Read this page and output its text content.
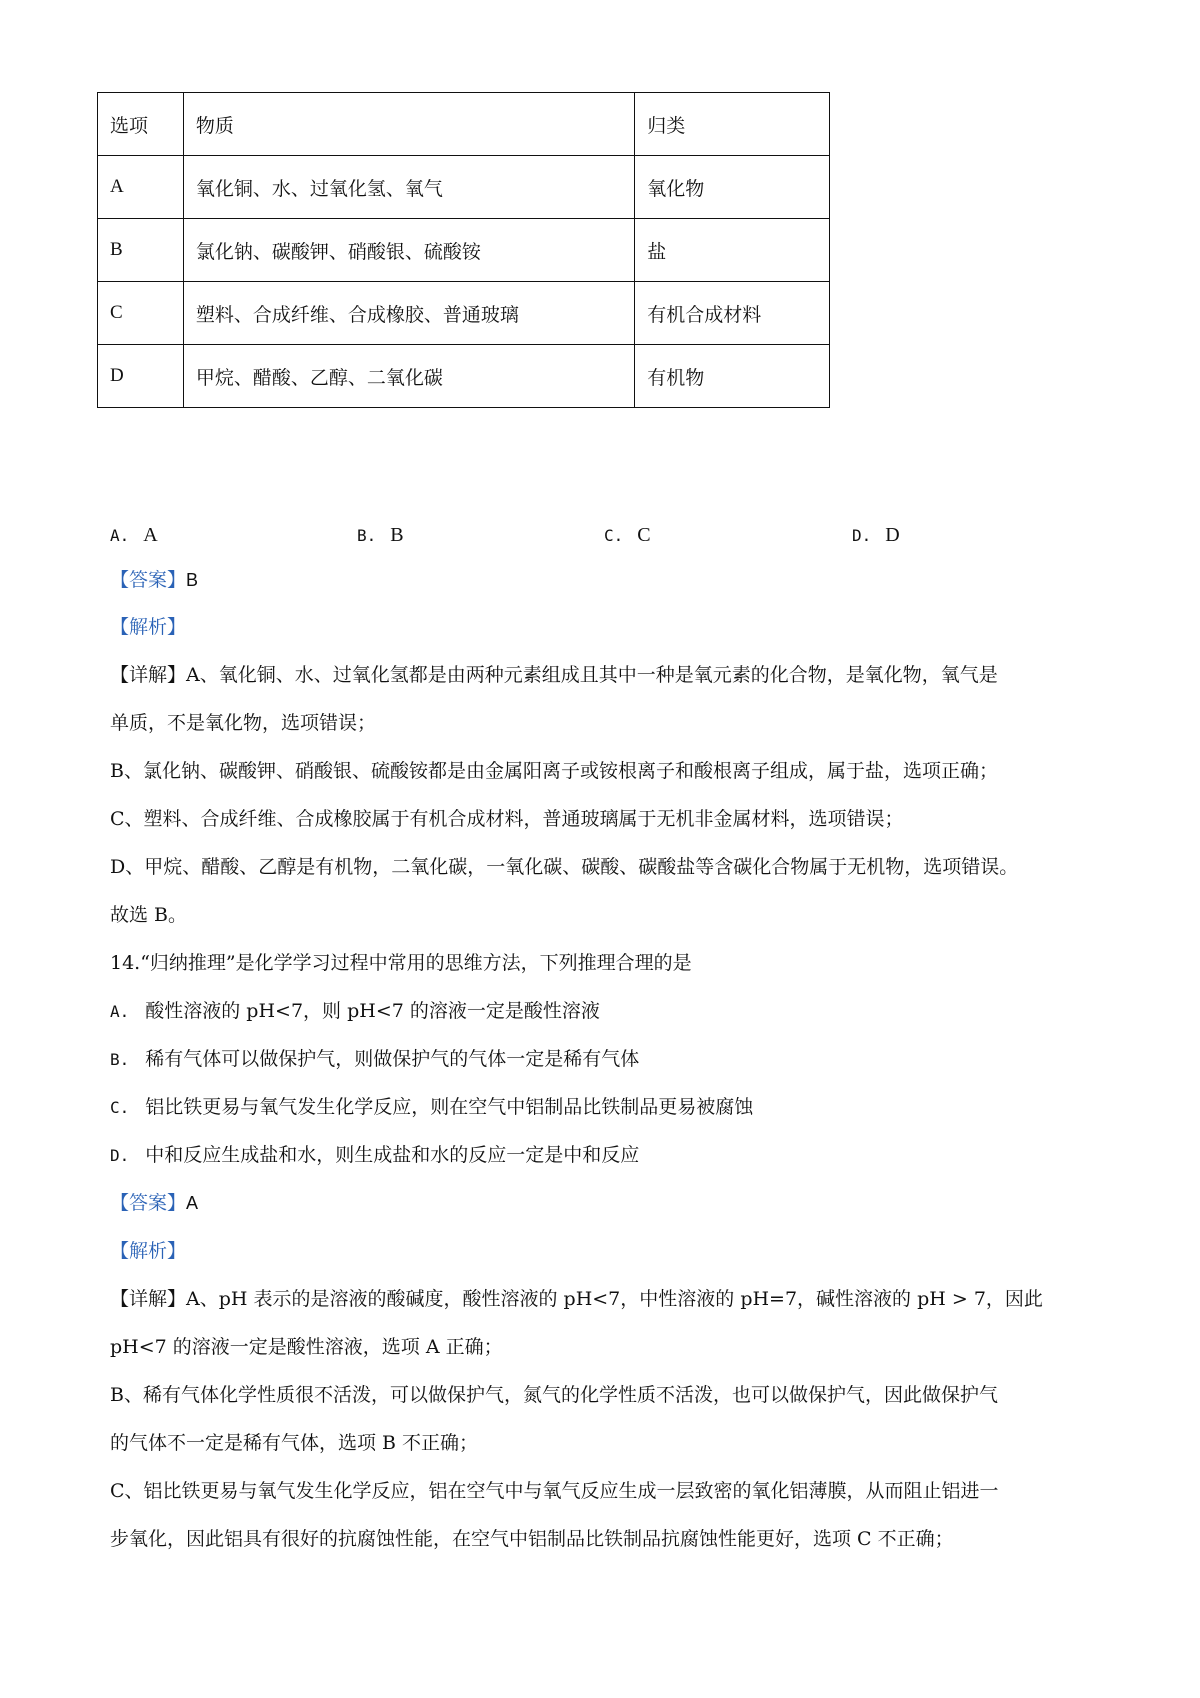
选项	物质	归类
A	氧化铜、水、过氧化氢、氧气	氧化物
B	氯化钠、碳酸钾、硝酸银、硫酸铵	盐
C	塑料、合成纤维、合成橡胶、普通玻璃	有机合成材料
D	甲烷、醋酸、乙醇、二氧化碳	有机物
A. A	B. B	C. C	D. D
【答案】B
【解析】
【详解】A、氧化铜、水、过氧化氢都是由两种元素组成且其中一种是氧元素的化合物，是氧化物，氧气是
单质，不是氧化物，选项错误；
B、氯化钠、碳酸钾、硝酸银、硫酸铵都是由金属阳离子或铵根离子和酸根离子组成，属于盐，选项正确；
C、塑料、合成纤维、合成橡胶属于有机合成材料，普通玻璃属于无机非金属材料，选项错误；
D、甲烷、醋酸、乙醇是有机物，二氧化碳，一氧化碳、碳酸、碳酸盐等含碳化合物属于无机物，选项错误。
故选 B。
14.“归纳推理”是化学学习过程中常用的思维方法，下列推理合理的是
A. 酸性溶液的 pH<7，则 pH<7 的溶液一定是酸性溶液
B. 稀有气体可以做保护气，则做保护气的气体一定是稀有气体
C. 铝比铁更易与氧气发生化学反应，则在空气中铝制品比铁制品更易被腐蚀
D. 中和反应生成盐和水，则生成盐和水的反应一定是中和反应
【答案】A
【解析】
【详解】A、pH 表示的是溶液的酸碱度，酸性溶液的 pH<7，中性溶液的 pH=7，碱性溶液的 pH > 7，因此
pH<7 的溶液一定是酸性溶液，选项 A 正确；
B、稀有气体化学性质很不活泼，可以做保护气，氮气的化学性质不活泼，也可以做保护气，因此做保护气
的气体不一定是稀有气体，选项 B 不正确；
C、铝比铁更易与氧气发生化学反应，铝在空气中与氧气反应生成一层致密的氧化铝薄膜，从而阻止铝进一
步氧化，因此铝具有很好的抗腐蚀性能，在空气中铝制品比铁制品抗腐蚀性能更好，选项 C 不正确；
